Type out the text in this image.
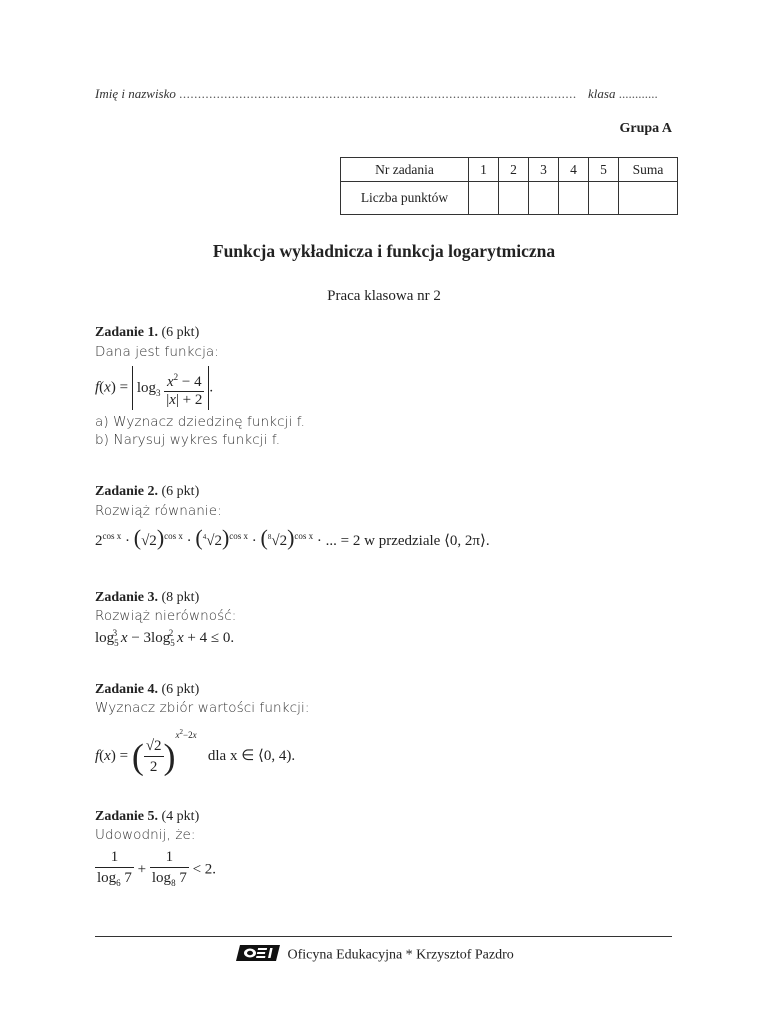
Imię i nazwisko .......................................................................................................... klasa ............
Grupa A
Nr zadania	1	2	3	4	5	Suma
Liczba punktów						
Funkcja wykładnicza i funkcja logarytmiczna
Praca klasowa nr 2
Zadanie 1. (6 pkt)
Dana jest funkcja:
$f(x) = \log_3 \frac{x^2 - 4}{|x| + 2}$ .
a) Wyznacz dziedzinę funkcji f.
b) Narysuj wykres funkcji f.
Zadanie 2. (6 pkt)
Rozwiąż równanie:
$2^{cos x} \cdot (√2)^{cos x} \cdot (^4√2)^{cos x} \cdot (^8√2)^{cos x}$ · ... = 2 w przedziale ⟨0, 2π⟩.
Zadanie 3. (8 pkt)
Rozwiąż nierówność:
$\log_5^3 x - 3\log_5^2$ x + 4 ≤ 0.
Zadanie 4. (6 pkt)
Wyznacz zbiór wartości funkcji:
f(x) = ( $\frac{√2}{2} )^{x^2-2x}$   dla x ∈ ⟨0, 4).
Zadanie 5. (4 pkt)
Udowodnij, że:
$\frac{1}{\log_6 7} + \frac{1}{\log_8 7} < 2$.
Oficyna Edukacyjna * Krzysztof Pazdro
